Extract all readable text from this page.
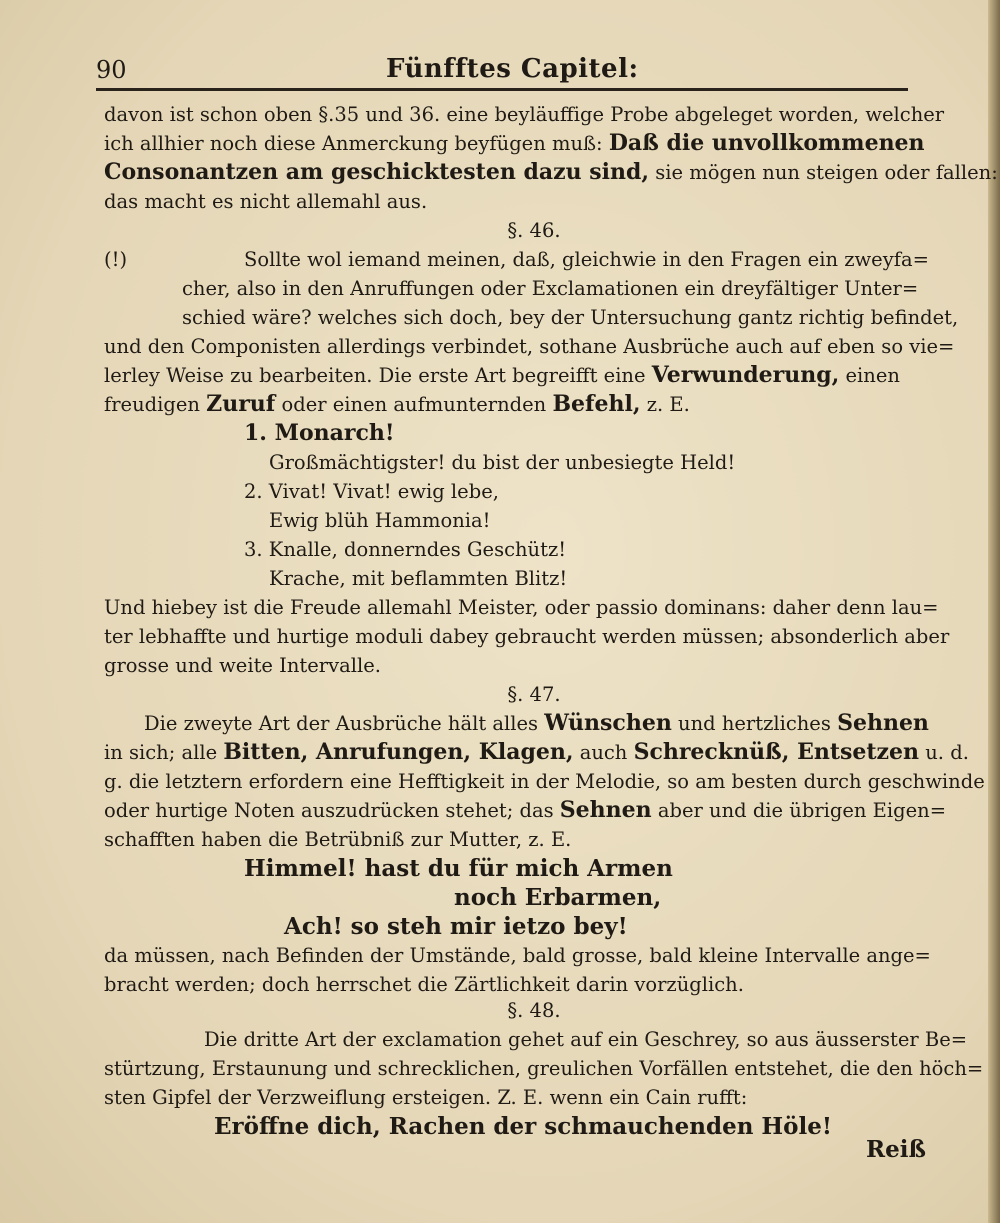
90	Fünfftes Capitel:
davon ist schon oben §.35 und 36. eine beyläuffige Probe abgeleget worden, welcher
ich allhier noch diese Anmerckung beyfügen muß: Daß die unvollkommenen
Consonantzen am geschicktesten dazu sind, sie mögen nun steigen oder fallen:
das macht es nicht allemahl aus.
§. 46.
(!)	Sollte wol iemand meinen, daß, gleichwie in den Fragen ein zweyfa=
cher, also in den Anruffungen oder Exclamationen ein dreyfältiger Unter=
schied wäre? welches sich doch, bey der Untersuchung gantz richtig befindet,
und den Componisten allerdings verbindet, sothane Ausbrüche auch auf eben so vie=
lerley Weise zu bearbeiten. Die erste Art begreifft eine Verwunderung, einen
freudigen Zuruf oder einen aufmunternden Befehl, z. E.
1. Monarch!
Großmächtigster! du bist der unbesiegte Held!
2. Vivat! Vivat! ewig lebe,
Ewig blüh Hammonia!
3. Knalle, donnerndes Geschütz!
Krache, mit beflammten Blitz!
Und hiebey ist die Freude allemahl Meister, oder passio dominans: daher denn lau=
ter lebhaffte und hurtige moduli dabey gebraucht werden müssen; absonderlich aber
grosse und weite Intervalle.
§. 47.
Die zweyte Art der Ausbrüche hält alles Wünschen und hertzliches Sehnen
in sich; alle Bitten, Anrufungen, Klagen, auch Schrecknüß, Entsetzen u. d.
g. die letztern erfordern eine Hefftigkeit in der Melodie, so am besten durch geschwinde
oder hurtige Noten auszudrücken stehet; das Sehnen aber und die übrigen Eigen=
schafften haben die Betrübniß zur Mutter, z. E.
Himmel! hast du für mich Armen
noch Erbarmen,
Ach! so steh mir ietzo bey!
da müssen, nach Befinden der Umstände, bald grosse, bald kleine Intervalle ange=
bracht werden; doch herrschet die Zärtlichkeit darin vorzüglich.
§. 48.
Die dritte Art der exclamation gehet auf ein Geschrey, so aus äusserster Be=
stürtzung, Erstaunung und schrecklichen, greulichen Vorfällen entstehet, die den höch=
sten Gipfel der Verzweiflung ersteigen. Z. E. wenn ein Cain rufft:
Eröffne dich, Rachen der schmauchenden Höle!
Reiß
